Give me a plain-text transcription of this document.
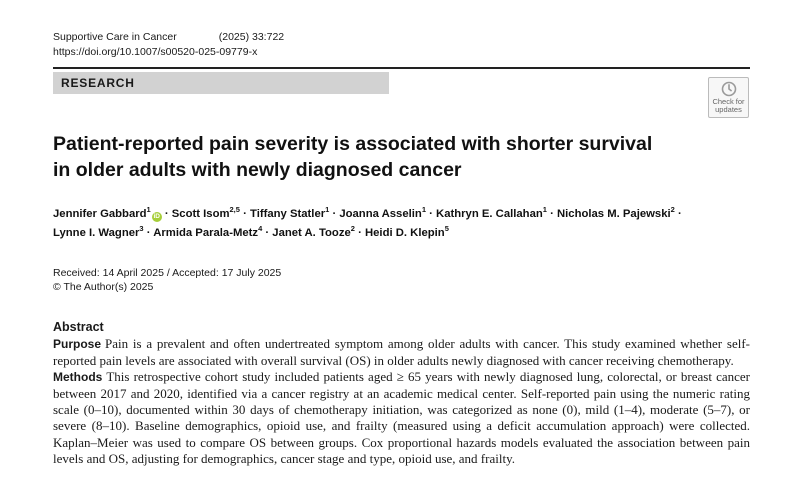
Supportive Care in Cancer	(2025) 33:722
https://doi.org/10.1007/s00520-025-09779-x
RESEARCH
Check for
updates
Patient-reported pain severity is associated with shorter survival
in older adults with newly diagnosed cancer
Jennifer Gabbard$^1$iD · Scott Isom$^{2,5}$ · Tiffany Statler$^1$ · Joanna Asselin$^1$ · Kathryn E. Callahan$^1$ · Nicholas M. Pajewski$^2$ ·
Lynne I. Wagner$^3$ · Armida Parala-Metz$^4$ · Janet A. Tooze$^2$ · Heidi D. Klepin$^5$
Received: 14 April 2025 / Accepted: 17 July 2025
© The Author(s) 2025
Abstract

Purpose Pain is a prevalent and often undertreated symptom among older adults with cancer. This study examined whether self-reported pain levels are associated with overall survival (OS) in older adults newly diagnosed with cancer receiving chemotherapy.

Methods This retrospective cohort study included patients aged ≥ 65 years with newly diagnosed lung, colorectal, or breast cancer between 2017 and 2020, identified via a cancer registry at an academic medical center. Self-reported pain using the numeric rating scale (0–10), documented within 30 days of chemotherapy initiation, was categorized as none (0), mild (1–4), moderate (5–7), or severe (8–10). Baseline demographics, opioid use, and frailty (measured using a deficit accumulation approach) were collected. Kaplan–Meier was used to compare OS between groups. Cox proportional hazards models evaluated the association between pain levels and OS, adjusting for demographics, cancer stage and type, opioid use, and frailty.
